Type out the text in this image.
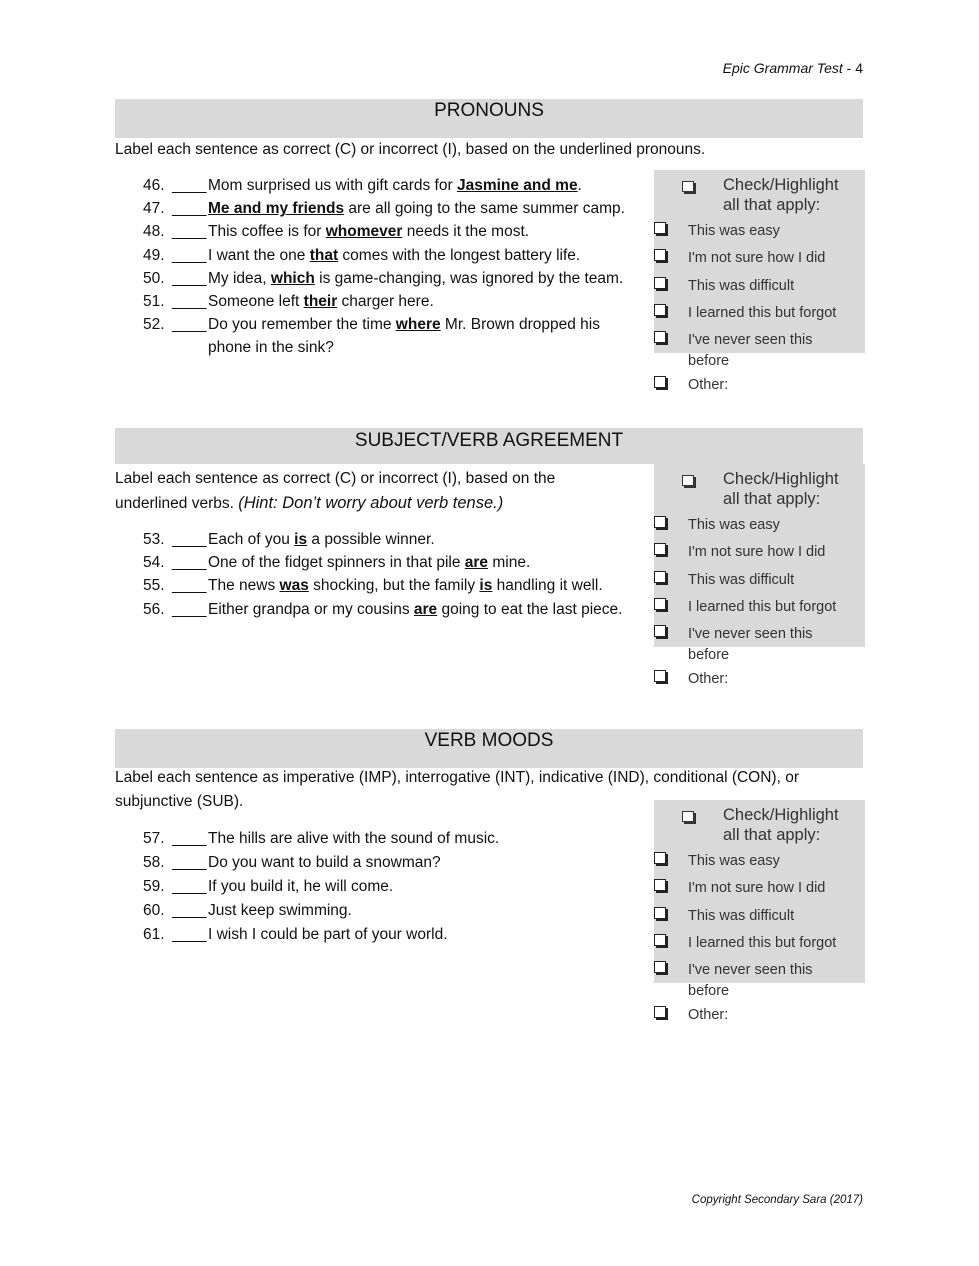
Epic Grammar Test - 4
PRONOUNS
Label each sentence as correct (C) or incorrect (I), based on the underlined pronouns.
46. ____ Mom surprised us with gift cards for Jasmine and me.
47. ____ Me and my friends are all going to the same summer camp.
48. ____ This coffee is for whomever needs it the most.
49. ____ I want the one that comes with the longest battery life.
50. ____ My idea, which is game-changing, was ignored by the team.
51. ____ Someone left their charger here.
52. ____ Do you remember the time where Mr. Brown dropped his phone in the sink?
Check/Highlight
all that apply:
This was easy
I'm not sure how I did
This was difficult
I learned this but forgot
I've never seen this
before
Other:
SUBJECT/VERB AGREEMENT
Label each sentence as correct (C) or incorrect (I), based on the
underlined verbs. (Hint: Don’t worry about verb tense.)
53. ____ Each of you is a possible winner.
54. ____ One of the fidget spinners in that pile are mine.
55. ____ The news was shocking, but the family is handling it well.
56. ____ Either grandpa or my cousins are going to eat the last piece.
Check/Highlight
all that apply:
This was easy
I'm not sure how I did
This was difficult
I learned this but forgot
I've never seen this
before
Other:
VERB MOODS
Label each sentence as imperative (IMP), interrogative (INT), indicative (IND), conditional (CON), or
subjunctive (SUB).
57. ____ The hills are alive with the sound of music.
58. ____ Do you want to build a snowman?
59. ____ If you build it, he will come.
60. ____ Just keep swimming.
61. ____ I wish I could be part of your world.
Check/Highlight
all that apply:
This was easy
I'm not sure how I did
This was difficult
I learned this but forgot
I've never seen this
before
Other:
Copyright Secondary Sara (2017)
